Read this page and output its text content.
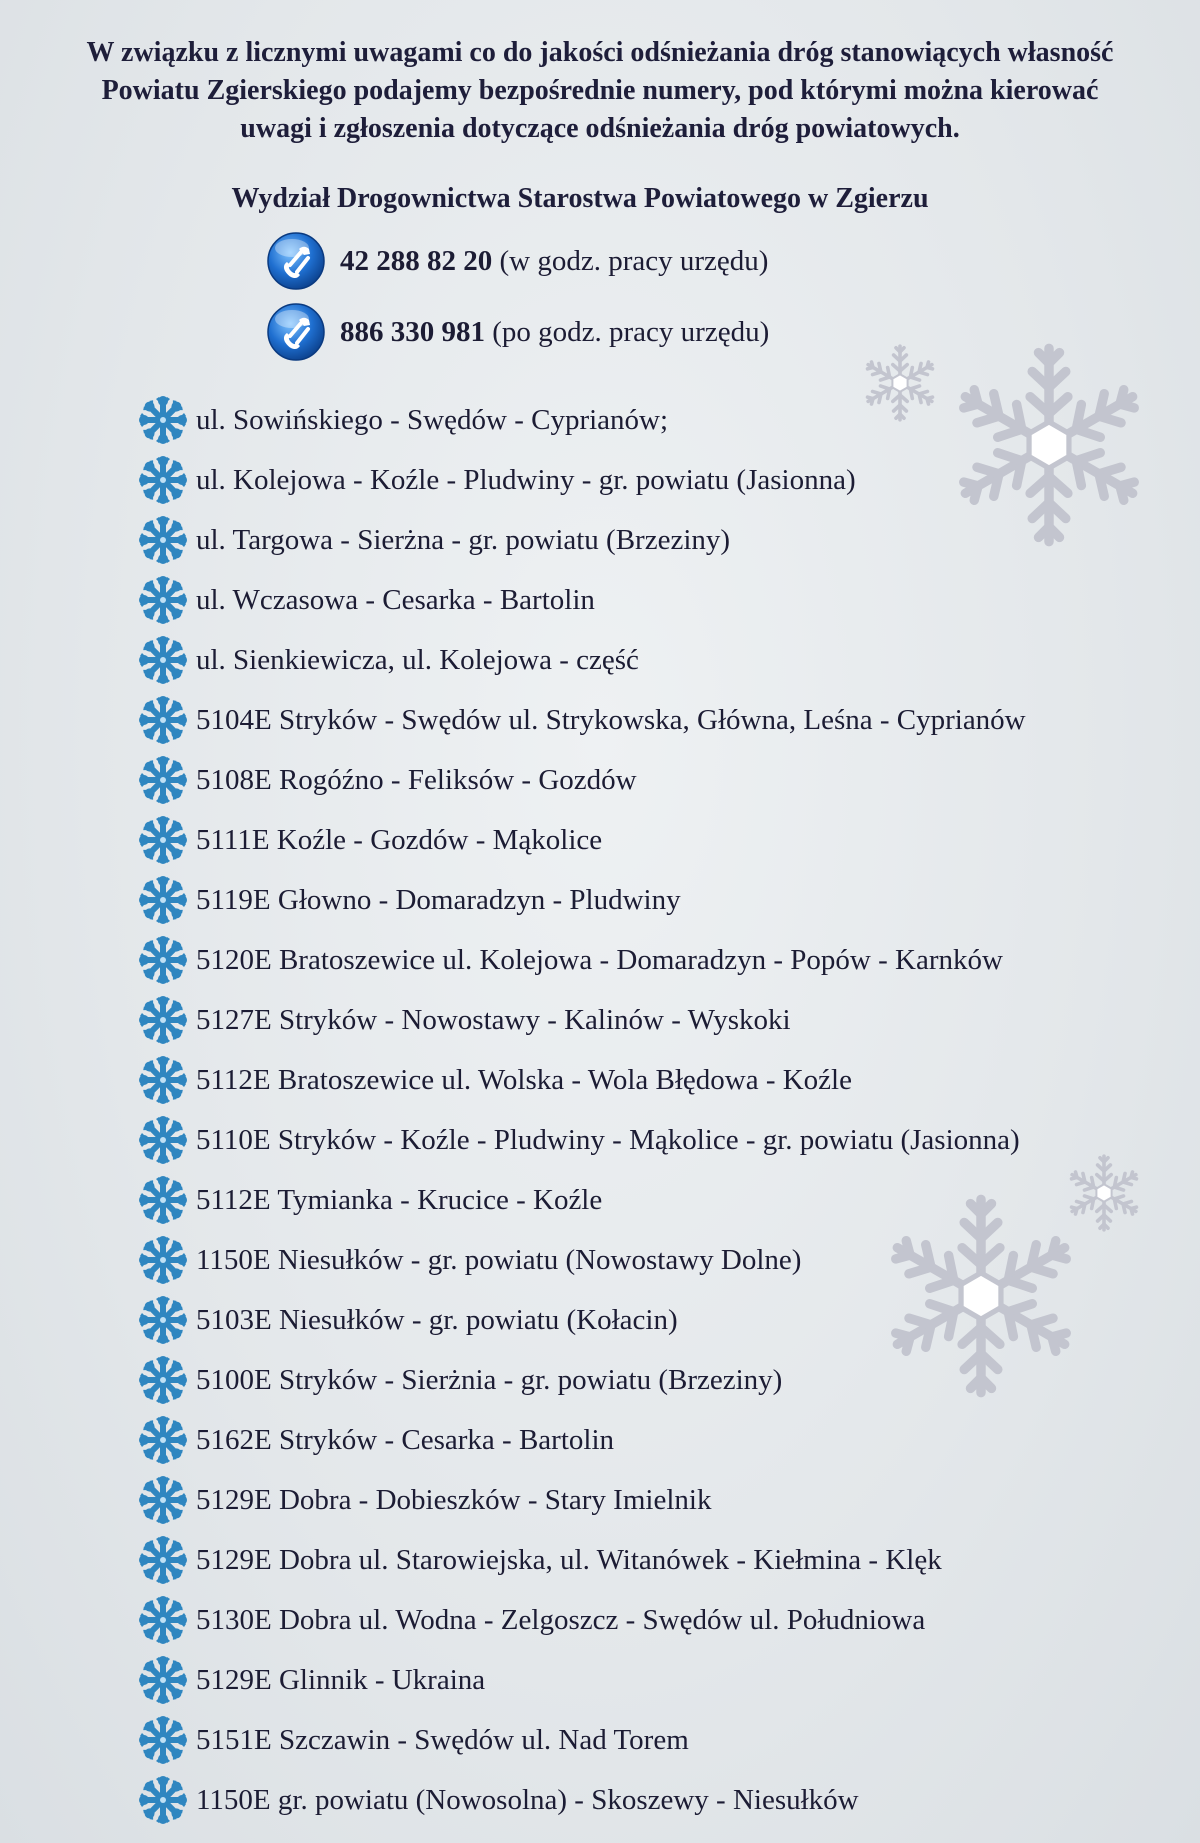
W związku z licznymi uwagami co do jakości odśnieżania dróg stanowiących własność
Powiatu Zgierskiego podajemy bezpośrednie numery, pod którymi można kierować
uwagi i zgłoszenia dotyczące odśnieżania dróg powiatowych.
Wydział Drogownictwa Starostwa Powiatowego w Zgierzu
42 288 82 20 (w godz. pracy urzędu)
886 330 981 (po godz. pracy urzędu)
ul. Sowińskiego - Swędów - Cyprianów;
ul. Kolejowa - Koźle - Pludwiny - gr. powiatu (Jasionna)
ul. Targowa - Sierżna - gr. powiatu (Brzeziny)
ul. Wczasowa - Cesarka - Bartolin
ul. Sienkiewicza, ul. Kolejowa - część
5104E Stryków - Swędów ul. Strykowska, Główna, Leśna - Cyprianów
5108E Rogóźno - Feliksów - Gozdów
5111E Koźle - Gozdów - Mąkolice
5119E Głowno - Domaradzyn - Pludwiny
5120E Bratoszewice ul. Kolejowa - Domaradzyn - Popów - Karnków
5127E Stryków - Nowostawy - Kalinów - Wyskoki
5112E Bratoszewice ul. Wolska - Wola Błędowa - Koźle
5110E Stryków - Koźle - Pludwiny - Mąkolice - gr. powiatu (Jasionna)
5112E Tymianka - Krucice - Koźle
1150E Niesułków - gr. powiatu (Nowostawy Dolne)
5103E Niesułków - gr. powiatu (Kołacin)
5100E Stryków - Sierżnia - gr. powiatu (Brzeziny)
5162E Stryków - Cesarka - Bartolin
5129E Dobra - Dobieszków - Stary Imielnik
5129E Dobra ul. Starowiejska, ul. Witanówek - Kiełmina - Klęk
5130E Dobra ul. Wodna - Zelgoszcz - Swędów ul. Południowa
5129E Glinnik - Ukraina
5151E Szczawin - Swędów ul. Nad Torem
1150E gr. powiatu (Nowosolna) - Skoszewy - Niesułków
